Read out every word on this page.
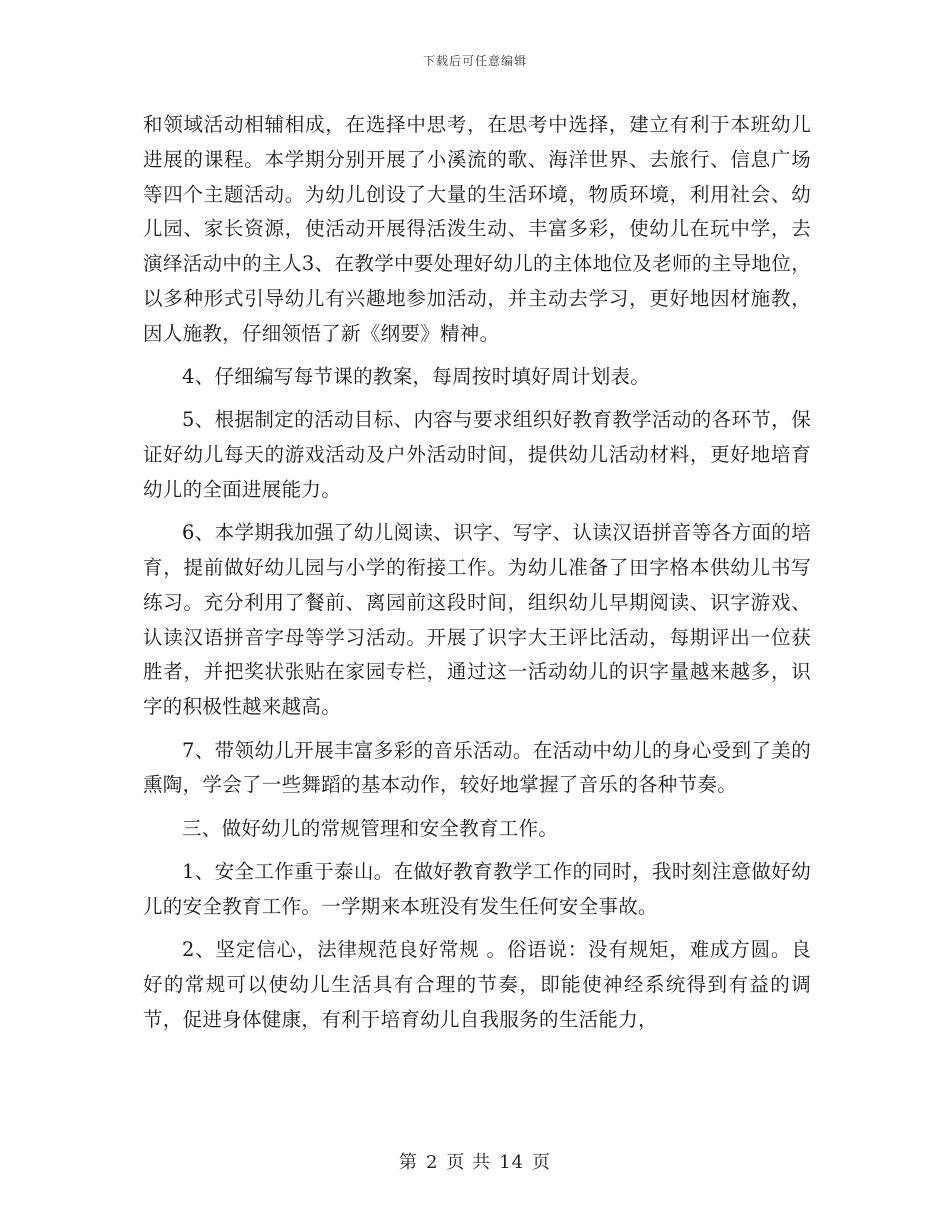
下载后可任意编辑

和领域活动相辅相成，在选择中思考，在思考中选择，建立有利于本班幼儿进展的课程。本学期分别开展了小溪流的歌、海洋世界、去旅行、信息广场等四个主题活动。为幼儿创设了大量的生活环境，物质环境，利用社会、幼儿园、家长资源，使活动开展得活泼生动、丰富多彩，使幼儿在玩中学，去演绎活动中的主人3、在教学中要处理好幼儿的主体地位及老师的主导地位，以多种形式引导幼儿有兴趣地参加活动，并主动去学习，更好地因材施教，因人施教，仔细领悟了新《纲要》精神。

4、仔细编写每节课的教案，每周按时填好周计划表。

5、根据制定的活动目标、内容与要求组织好教育教学活动的各环节，保证好幼儿每天的游戏活动及户外活动时间，提供幼儿活动材料，更好地培育幼儿的全面进展能力。

6、本学期我加强了幼儿阅读、识字、写字、认读汉语拼音等各方面的培育，提前做好幼儿园与小学的衔接工作。为幼儿准备了田字格本供幼儿书写练习。充分利用了餐前、离园前这段时间，组织幼儿早期阅读、识字游戏、认读汉语拼音字母等学习活动。开展了识字大王评比活动，每期评出一位获胜者，并把奖状张贴在家园专栏，通过这一活动幼儿的识字量越来越多，识字的积极性越来越高。

7、带领幼儿开展丰富多彩的音乐活动。在活动中幼儿的身心受到了美的熏陶，学会了一些舞蹈的基本动作，较好地掌握了音乐的各种节奏。

三、做好幼儿的常规管理和安全教育工作。

1、安全工作重于泰山。在做好教育教学工作的同时，我时刻注意做好幼儿的安全教育工作。一学期来本班没有发生任何安全事故。

2、坚定信心，法律规范良好常规 。俗语说：没有规矩，难成方圆。良好的常规可以使幼儿生活具有合理的节奏，即能使神经系统得到有益的调节，促进身体健康，有利于培育幼儿自我服务的生活能力，

第 2 页 共 14 页
